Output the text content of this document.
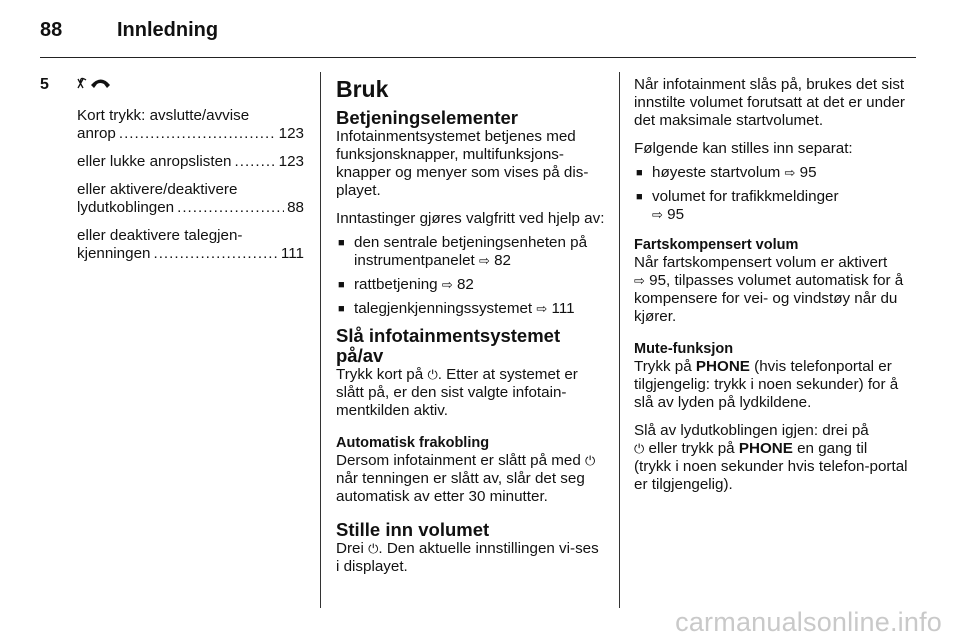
88	Innledning
5
Kort trykk: avslutte/avvise
anrop .....	123
eller lukke anropslisten .....	123
eller aktivere/deaktivere
lydutkoblingen .....	88
eller deaktivere talegjen-
kjenningen .....	111
Bruk
Betjeningselementer

Infotainmentsystemet betjenes med funksjonsknapper, multifunksjons-knapper og menyer som vises på dis-playet.

Inntastinger gjøres valgfritt ved hjelp av:

■ den sentrale betjeningsenheten på instrumentpanelet ⇨ 82
■ rattbetjening ⇨ 82
■ talegjenkjenningssystemet ⇨ 111
Slå infotainmentsystemet på/av

Trykk kort på ⏻. Etter at systemet er slått på, er den sist valgte infotain-mentkilden aktiv.

Automatisk frakobling

Dersom infotainment er slått på med ⏻ når tenningen er slått av, slår det seg automatisk av etter 30 minutter.

Stille inn volumet

Drei ⏻. Den aktuelle innstillingen vi-ses i displayet.

Når infotainment slås på, brukes det sist innstilte volumet forutsatt at det er under det maksimale startvolumet.

Følgende kan stilles inn separat:

■ høyeste startvolum ⇨ 95
■ volumet for trafikkmeldinger
⇨ 95
Fartskompensert volum

Når fartskompensert volum er aktivert ⇨ 95, tilpasses volumet automatisk for å kompensere for vei- og vindstøy når du kjører.

Mute-funksjon

Trykk på PHONE (hvis telefonportal er tilgjengelig: trykk i noen sekunder) for å slå av lyden på lydkildene.

Slå av lydutkoblingen igjen: drei på
⏻ eller trykk på PHONE en gang til (trykk i noen sekunder hvis telefon-portal er tilgjengelig).

carmanualsonline.info
